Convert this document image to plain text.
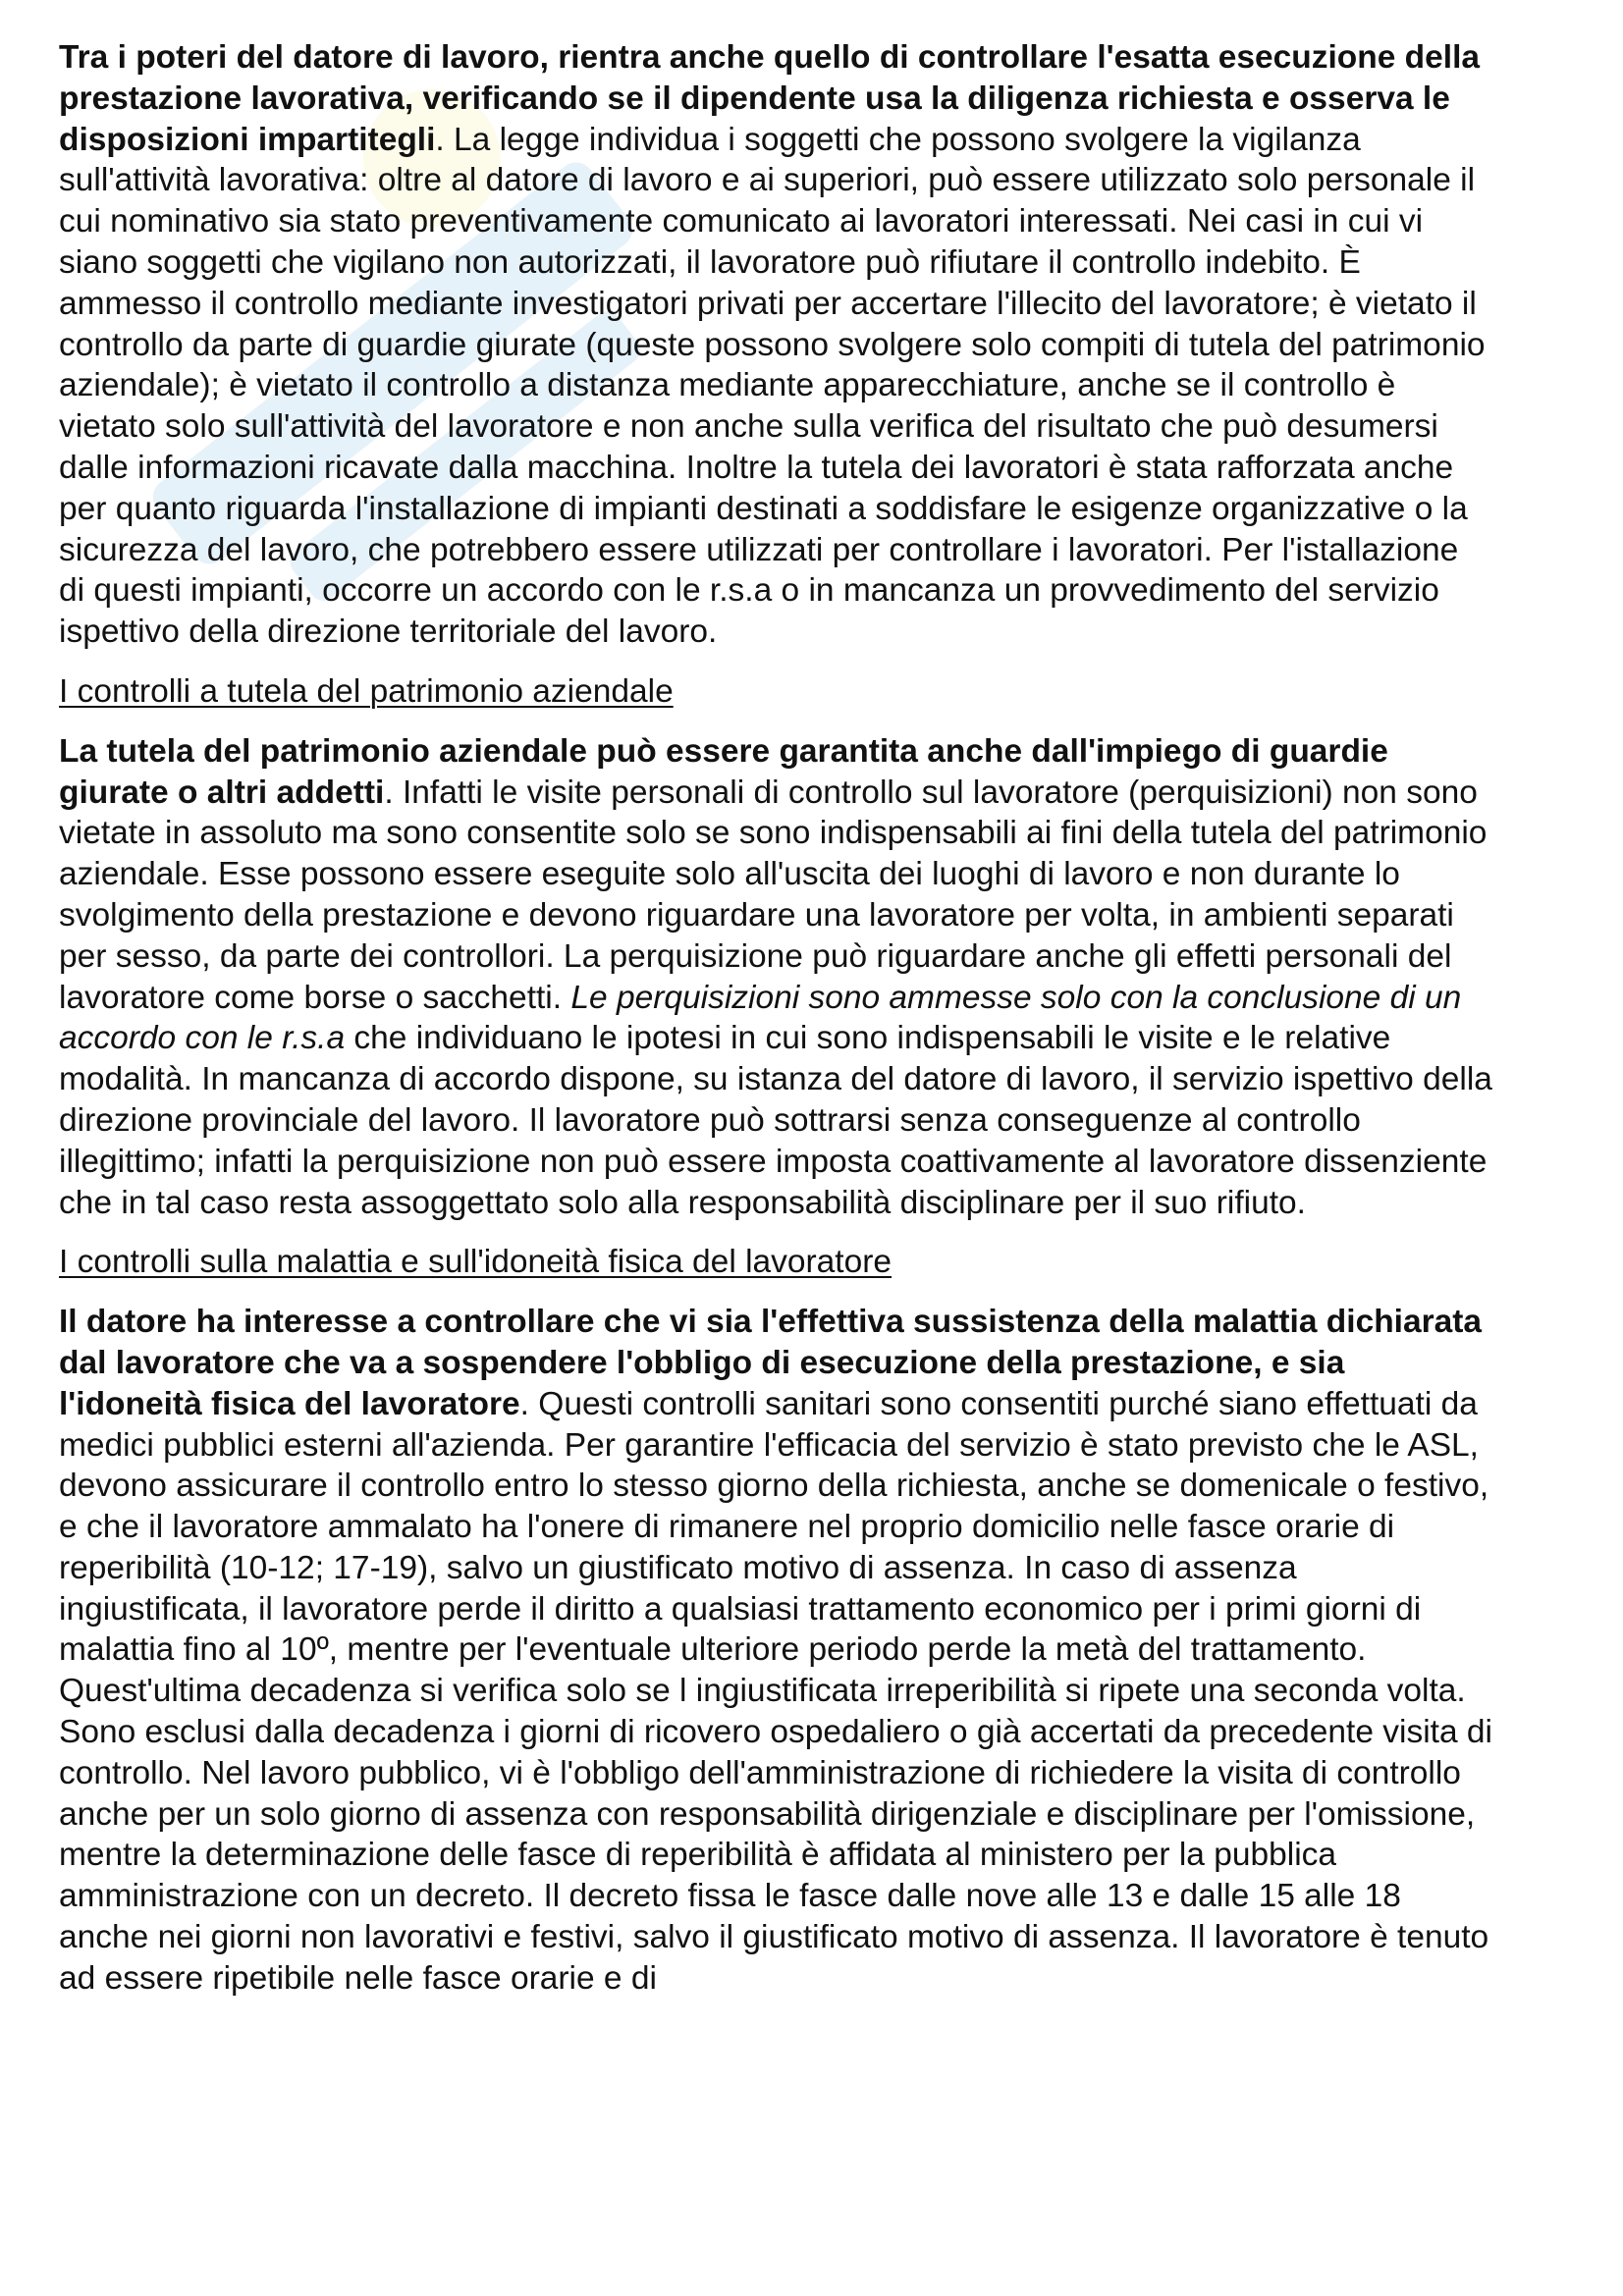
Tra i poteri del datore di lavoro, rientra anche quello di controllare l'esatta esecuzione della prestazione lavorativa, verificando se il dipendente usa la diligenza richiesta e osserva le disposizioni impartitegli. La legge individua i soggetti che possono svolgere la vigilanza sull'attività lavorativa: oltre al datore di lavoro e ai superiori, può essere utilizzato solo personale il cui nominativo sia stato preventivamente comunicato ai lavoratori interessati. Nei casi in cui vi siano soggetti che vigilano non autorizzati, il lavoratore può rifiutare il controllo indebito. È ammesso il controllo mediante investigatori privati per accertare l'illecito del lavoratore; è vietato il controllo da parte di guardie giurate (queste possono svolgere solo compiti di tutela del patrimonio aziendale); è vietato il controllo a distanza mediante apparecchiature, anche se il controllo è vietato solo sull'attività del lavoratore e non anche sulla verifica del risultato che può desumersi dalle informazioni ricavate dalla macchina. Inoltre la tutela dei lavoratori è stata rafforzata anche per quanto riguarda l'installazione di impianti destinati a soddisfare le esigenze organizzative o la sicurezza del lavoro, che potrebbero essere utilizzati per controllare i lavoratori. Per l'istallazione di questi impianti, occorre un accordo con le r.s.a o in mancanza un provvedimento del servizio ispettivo della direzione territoriale del lavoro.

I controlli a tutela del patrimonio aziendale

La tutela del patrimonio aziendale può essere garantita anche dall'impiego di guardie giurate o altri addetti. Infatti le visite personali di controllo sul lavoratore (perquisizioni) non sono vietate in assoluto ma sono consentite solo se sono indispensabili ai fini della tutela del patrimonio aziendale. Esse possono essere eseguite solo all'uscita dei luoghi di lavoro e non durante lo svolgimento della prestazione e devono riguardare una lavoratore per volta, in ambienti separati per sesso, da parte dei controllori. La perquisizione può riguardare anche gli effetti personali del lavoratore come borse o sacchetti. Le perquisizioni sono ammesse solo con la conclusione di un accordo con le r.s.a che individuano le ipotesi in cui sono indispensabili le visite e le relative modalità. In mancanza di accordo dispone, su istanza del datore di lavoro, il servizio ispettivo della direzione provinciale del lavoro. Il lavoratore può sottrarsi senza conseguenze al controllo illegittimo; infatti la perquisizione non può essere imposta coattivamente al lavoratore dissenziente che in tal caso resta assoggettato solo alla responsabilità disciplinare per il suo rifiuto.

I controlli sulla malattia e sull'idoneità fisica del lavoratore

Il datore ha interesse a controllare che vi sia l'effettiva sussistenza della malattia dichiarata dal lavoratore che va a sospendere l'obbligo di esecuzione della prestazione, e sia l'idoneità fisica del lavoratore. Questi controlli sanitari sono consentiti purché siano effettuati da medici pubblici esterni all'azienda. Per garantire l'efficacia del servizio è stato previsto che le ASL, devono assicurare il controllo entro lo stesso giorno della richiesta, anche se domenicale o festivo, e che il lavoratore ammalato ha l'onere di rimanere nel proprio domicilio nelle fasce orarie di reperibilità (10-12; 17-19), salvo un giustificato motivo di assenza. In caso di assenza ingiustificata, il lavoratore perde il diritto a qualsiasi trattamento economico per i primi giorni di malattia fino al 10º, mentre per l'eventuale ulteriore periodo perde la metà del trattamento. Quest'ultima decadenza si verifica solo se l ingiustificata irreperibilità si ripete una seconda volta. Sono esclusi dalla decadenza i giorni di ricovero ospedaliero o già accertati da precedente visita di controllo. Nel lavoro pubblico, vi è l'obbligo dell'amministrazione di richiedere la visita di controllo anche per un solo giorno di assenza con responsabilità dirigenziale e disciplinare per l'omissione, mentre la determinazione delle fasce di reperibilità è affidata al ministero per la pubblica amministrazione con un decreto. Il decreto fissa le fasce dalle nove alle 13 e dalle 15 alle 18 anche nei giorni non lavorativi e festivi, salvo il giustificato motivo di assenza. Il lavoratore è tenuto ad essere ripetibile nelle fasce orarie e di
